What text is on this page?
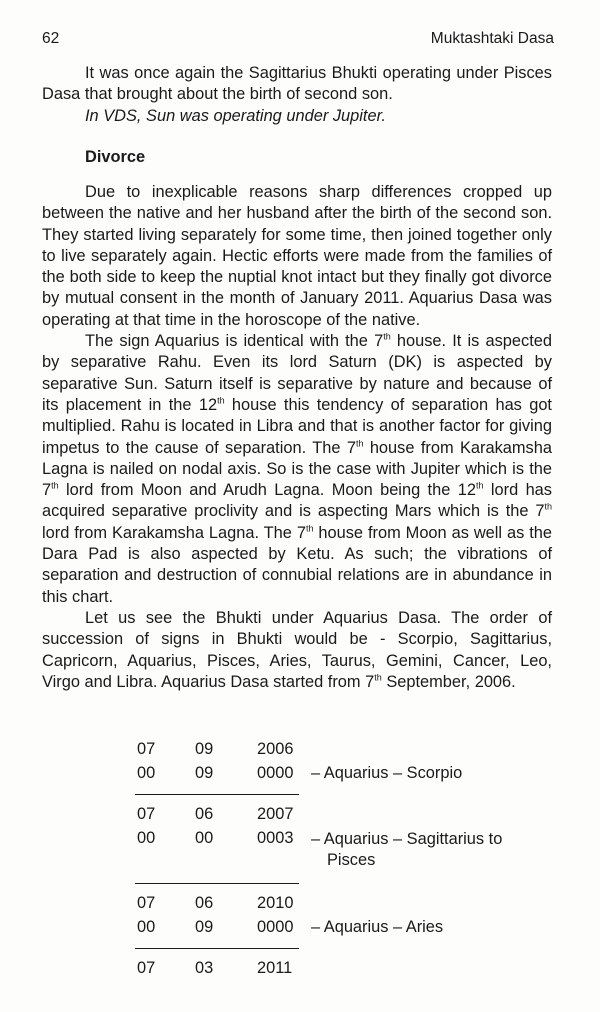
62	Muktashtaki Dasa

It was once again the Sagittarius Bhukti operating under Pisces Dasa that brought about the birth of second son.

In VDS, Sun was operating under Jupiter.

Divorce

Due to inexplicable reasons sharp differences cropped up between the native and her husband after the birth of the second son. They started living separately for some time, then joined together only to live separately again. Hectic efforts were made from the families of the both side to keep the nuptial knot intact but they finally got divorce by mutual consent in the month of January 2011. Aquarius Dasa was operating at that time in the horoscope of the native.

The sign Aquarius is identical with the 7th house. It is aspected by separative Rahu. Even its lord Saturn (DK) is aspected by separative Sun. Saturn itself is separative by nature and because of its placement in the 12th house this tendency of separation has got multiplied. Rahu is located in Libra and that is another factor for giving impetus to the cause of separation. The 7th house from Karakamsha Lagna is nailed on nodal axis. So is the case with Jupiter which is the 7th lord from Moon and Arudh Lagna. Moon being the 12th lord has acquired separative proclivity and is aspecting Mars which is the 7th lord from Karakamsha Lagna. The 7th house from Moon as well as the Dara Pad is also aspected by Ketu. As such; the vibrations of separation and destruction of connubial relations are in abundance in this chart.

Let us see the Bhukti under Aquarius Dasa. The order of succession of signs in Bhukti would be - Scorpio, Sagittarius, Capricorn, Aquarius, Pisces, Aries, Taurus, Gemini, Cancer, Leo, Virgo and Libra. Aquarius Dasa started from 7th September, 2006.

07 09	2006
00 09	0000 – Aquarius – Scorpio
07 06	2007
00 00	0003 – Aquarius – Sagittarius to
Pisces
07 06	2010
00 09	0000 – Aquarius – Aries
07 03	2011
